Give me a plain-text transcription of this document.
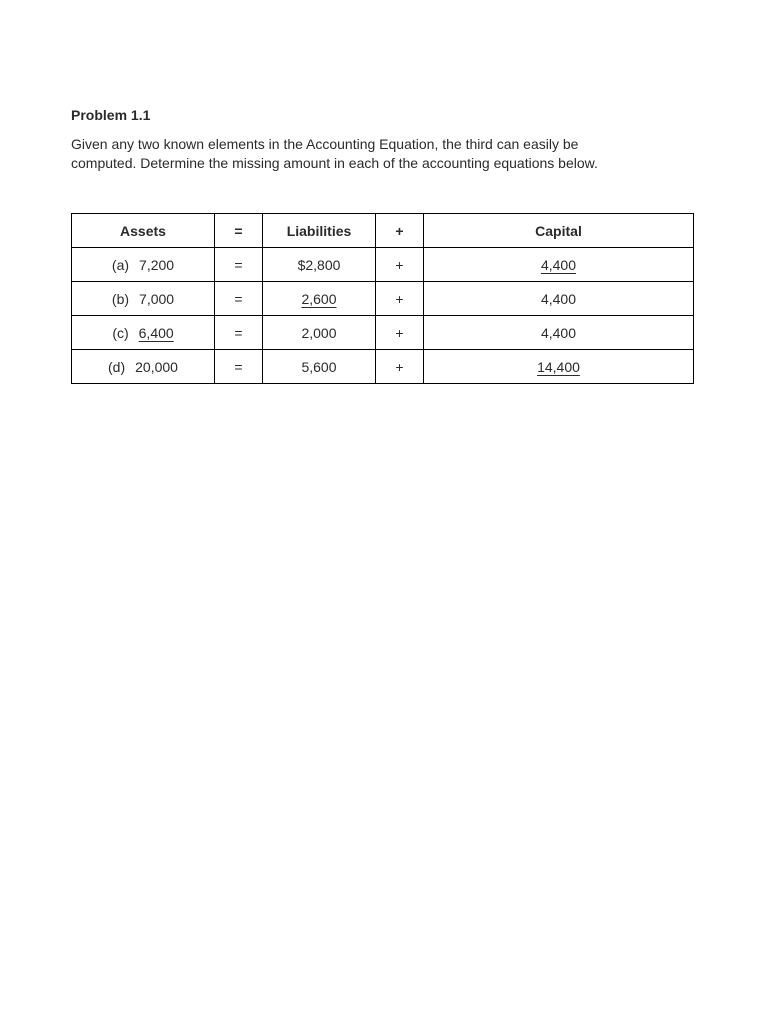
Problem 1.1

Given any two known elements in the Accounting Equation, the third can easily be
computed. Determine the missing amount in each of the accounting equations below.

Assets	=	Liabilities	+	Capital
(a) 7,200	=	$2,800	+	4,400
(b) 7,000	=	2,600	+	4,400
(c) 6,400	=	2,000	+	4,400
(d) 20,000	=	5,600	+	14,400
